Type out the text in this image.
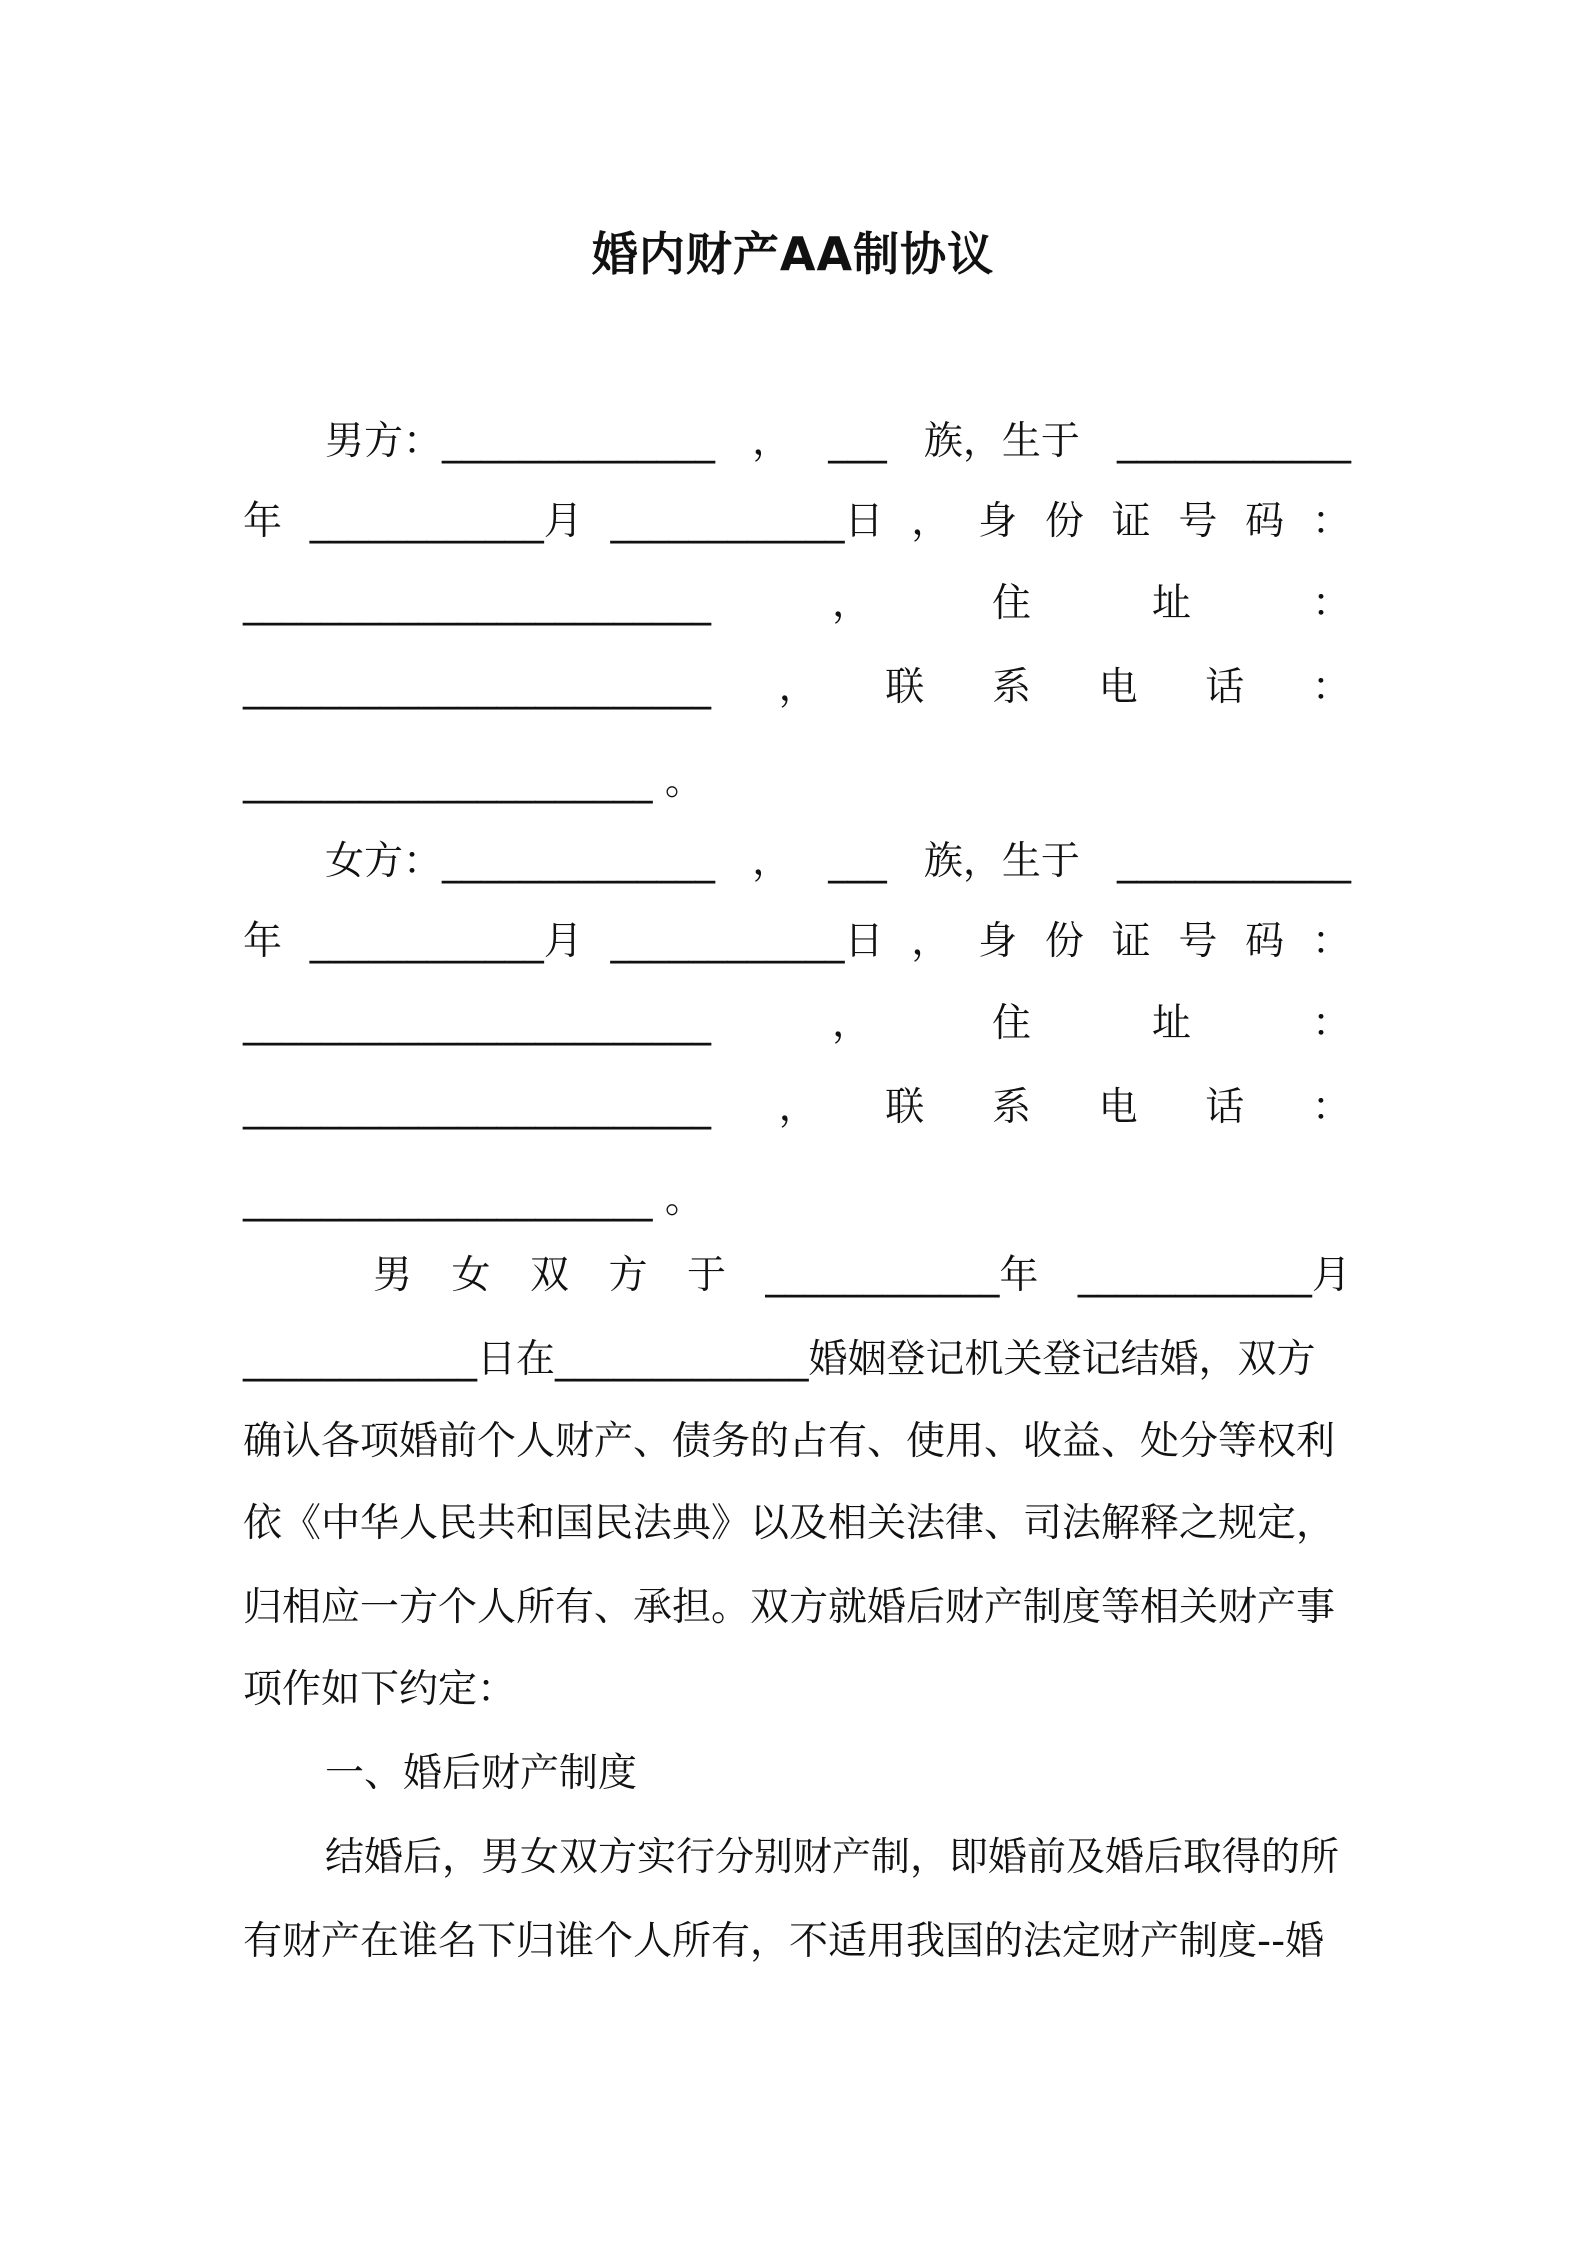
婚内财产AA制协议
男方：______________ ， ___ 族，生于 ____________
年 ____________月 ____________日 ， 身 份 证 号 码 ：
________________________	，	住	址	：
________________________ ， 联 系 电 话 ：
_____________________ 。
女方：______________ ， ___ 族，生于 ____________
年 ____________月 ____________日 ， 身 份 证 号 码 ：
________________________	，	住	址	：
________________________ ， 联 系 电 话 ：
_____________________ 。
男 女 双 方 于 ____________年 ____________月
____________日在_____________婚姻登记机关登记结婚，双方
确认各项婚前个人财产、债务的占有、使用、收益、处分等权利
依《中华人民共和国民法典》以及相关法律、司法解释之规定，
归相应一方个人所有、承担。双方就婚后财产制度等相关财产事
项作如下约定：
一、婚后财产制度
结婚后，男女双方实行分别财产制，即婚前及婚后取得的所
有财产在谁名下归谁个人所有，不适用我国的法定财产制度--婚
